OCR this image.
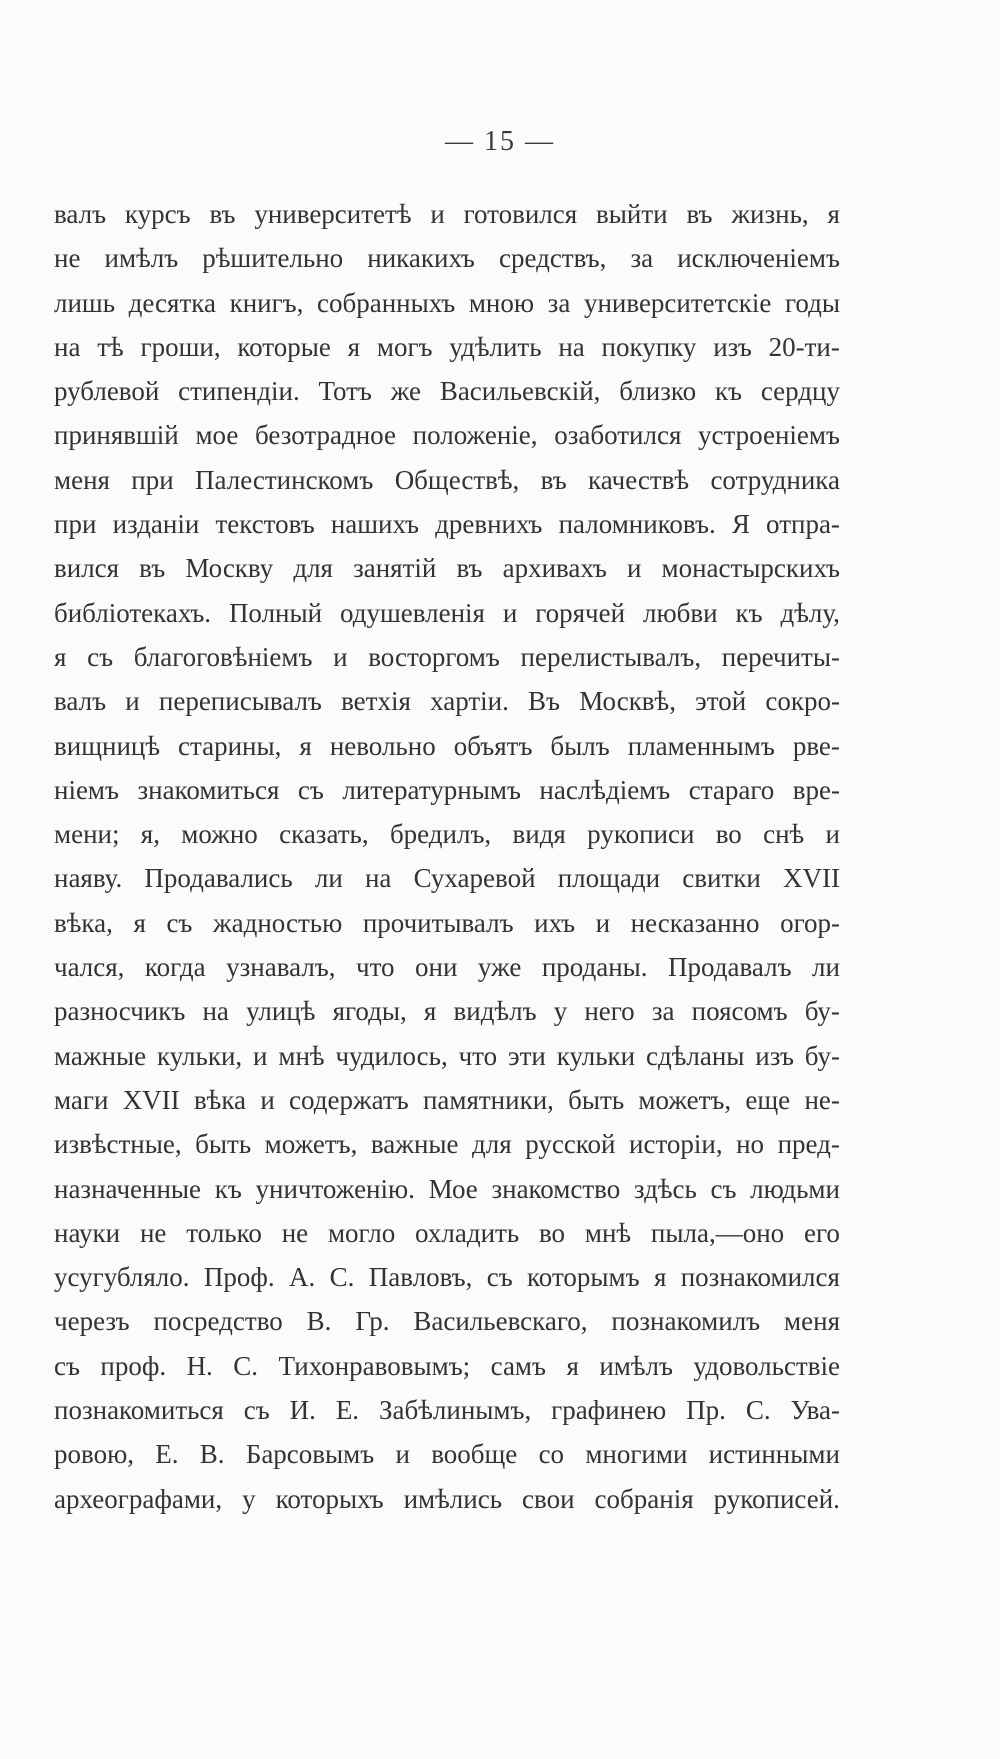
— 15 —
валъ курсъ въ университетѣ и готовился выйти въ жизнь, я
не имѣлъ рѣшительно никакихъ средствъ, за исключеніемъ
лишь десятка книгъ, собранныхъ мною за университетскіе годы
на тѣ гроши, которые я могъ удѣлить на покупку изъ 20-ти-
рублевой стипендіи. Тотъ же Васильевскій, близко къ сердцу
принявшій мое безотрадное положеніе, озаботился устроеніемъ
меня при Палестинскомъ Обществѣ, въ качествѣ сотрудника
при изданіи текстовъ нашихъ древнихъ паломниковъ. Я отпра-
вился въ Москву для занятій въ архивахъ и монастырскихъ
библіотекахъ. Полный одушевленія и горячей любви къ дѣлу,
я съ благоговѣніемъ и восторгомъ перелистывалъ, перечиты-
валъ и переписывалъ ветхія хартіи. Въ Москвѣ, этой сокро-
вищницѣ старины, я невольно объятъ былъ пламеннымъ рве-
ніемъ знакомиться съ литературнымъ наслѣдіемъ стараго вре-
мени; я, можно сказать, бредилъ, видя рукописи во снѣ и
наяву. Продавались ли на Сухаревой площади свитки XVII
вѣка, я съ жадностью прочитывалъ ихъ и несказанно огор-
чался, когда узнавалъ, что они уже проданы. Продавалъ ли
разносчикъ на улицѣ ягоды, я видѣлъ у него за поясомъ бу-
мажные кульки, и мнѣ чудилось, что эти кульки сдѣланы изъ бу-
маги XVII вѣка и содержатъ памятники, быть можетъ, еще не-
извѣстные, быть можетъ, важные для русской исторіи, но пред-
назначенные къ уничтоженію. Мое знакомство здѣсь съ людьми
науки не только не могло охладить во мнѣ пыла,—оно его
усугубляло. Проф. А. С. Павловъ, съ которымъ я познакомился
черезъ посредство В. Гр. Васильевскаго, познакомилъ меня
съ проф. Н. С. Тихонравовымъ; самъ я имѣлъ удовольствіе
познакомиться съ И. Е. Забѣлинымъ, графинею Пр. С. Ува-
ровою, Е. В. Барсовымъ и вообще со многими истинными
археографами, у которыхъ имѣлись свои собранія рукописей.
